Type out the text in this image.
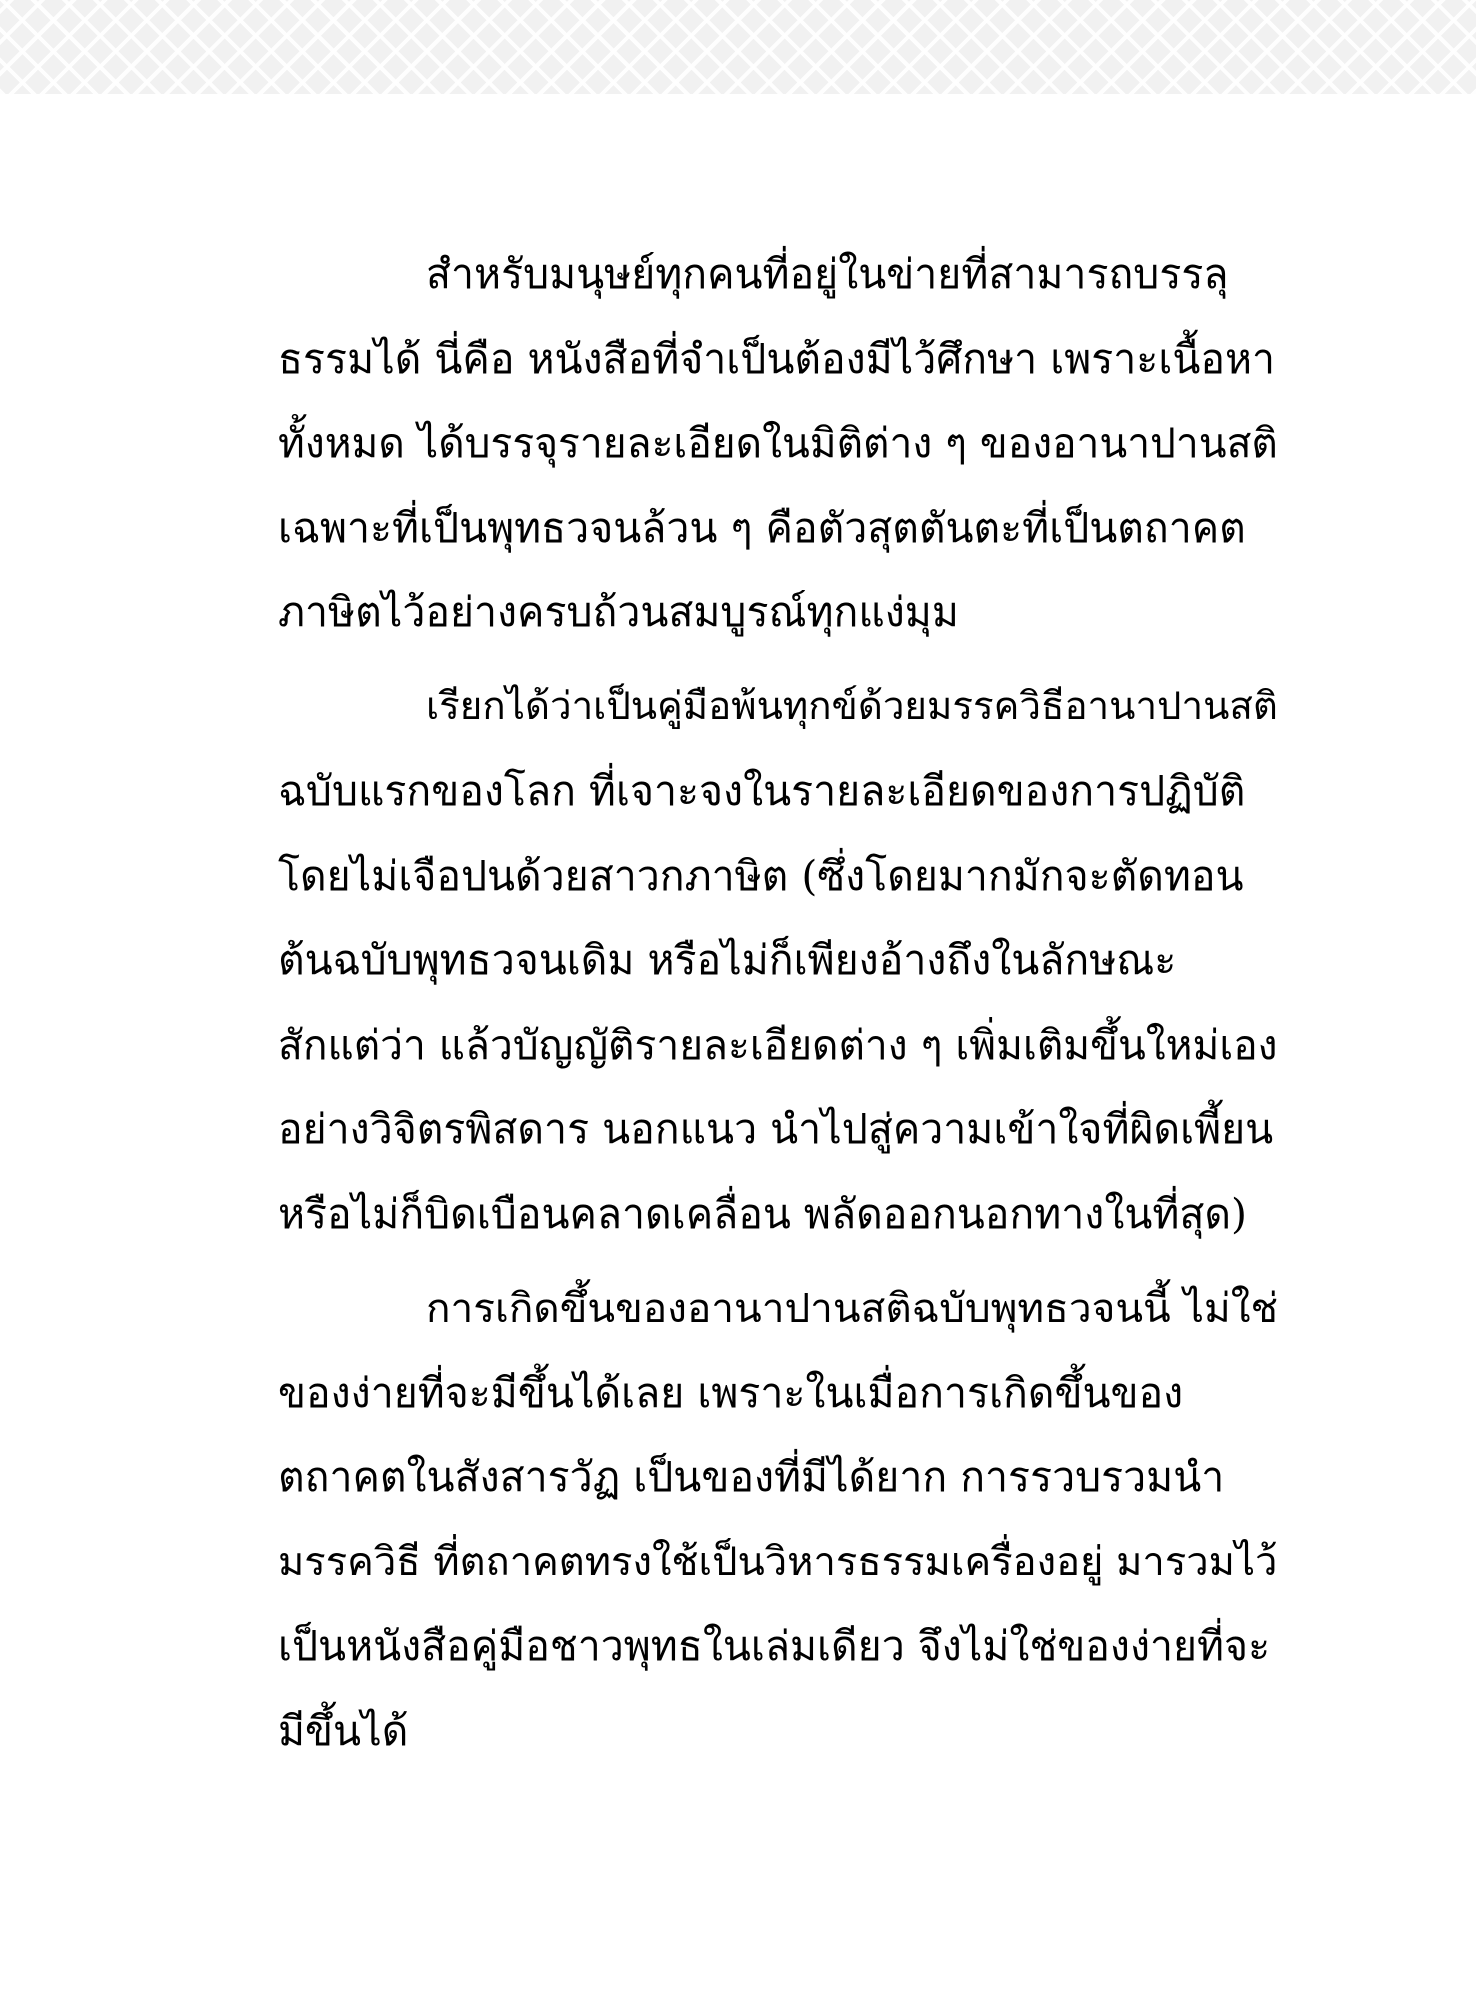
สำหรับมนุษย์ทุกคนที่อยู่ในข่ายที่สามารถบรรลุ
ธรรมได้ นี่คือ หนังสือที่จำเป็นต้องมีไว้ศึกษา เพราะเนื้อหา
ทั้งหมด ได้บรรจุรายละเอียดในมิติต่าง ๆ ของอานาปานสติ
เฉพาะที่เป็นพุทธวจนล้วน ๆ คือตัวสุตตันตะที่เป็นตถาคต
ภาษิตไว้อย่างครบถ้วนสมบูรณ์ทุกแง่มุม
เรียกได้ว่าเป็นคู่มือพ้นทุกข์ด้วยมรรควิธีอานาปานสติ
ฉบับแรกของโลก ที่เจาะจงในรายละเอียดของการปฏิบัติ
โดยไม่เจือปนด้วยสาวกภาษิต (ซึ่งโดยมากมักจะตัดทอน
ต้นฉบับพุทธวจนเดิม หรือไม่ก็เพียงอ้างถึงในลักษณะ
สักแต่ว่า แล้วบัญญัติรายละเอียดต่าง ๆ เพิ่มเติมขึ้นใหม่เอง
อย่างวิจิตรพิสดาร นอกแนว นำไปสู่ความเข้าใจที่ผิดเพี้ยน
หรือไม่ก็บิดเบือนคลาดเคลื่อน พลัดออกนอกทางในที่สุด)
การเกิดขึ้นของอานาปานสติฉบับพุทธวจนนี้ ไม่ใช่
ของง่ายที่จะมีขึ้นได้เลย เพราะในเมื่อการเกิดขึ้นของ
ตถาคตในสังสารวัฏ เป็นของที่มีได้ยาก การรวบรวมนำ
มรรควิธี ที่ตถาคตทรงใช้เป็นวิหารธรรมเครื่องอยู่ มารวมไว้
เป็นหนังสือคู่มือชาวพุทธในเล่มเดียว จึงไม่ใช่ของง่ายที่จะ
มีขึ้นได้
